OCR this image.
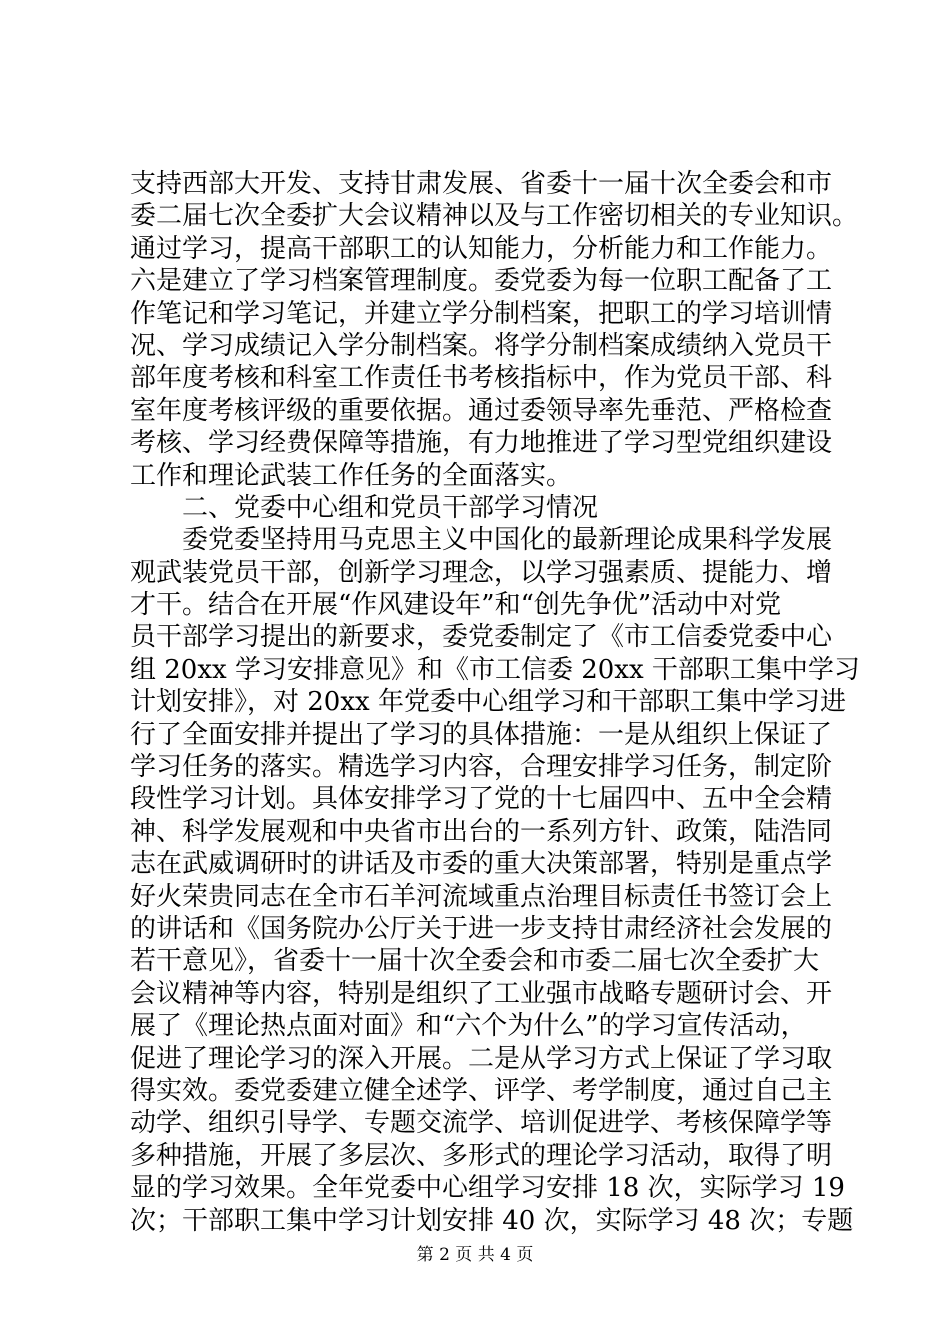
支持西部大开发、支持甘肃发展、省委十一届十次全委会和市
委二届七次全委扩大会议精神以及与工作密切相关的专业知识。
通过学习，提高干部职工的认知能力，分析能力和工作能力。
六是建立了学习档案管理制度。委党委为每一位职工配备了工
作笔记和学习笔记，并建立学分制档案，把职工的学习培训情
况、学习成绩记入学分制档案。将学分制档案成绩纳入党员干
部年度考核和科室工作责任书考核指标中，作为党员干部、科
室年度考核评级的重要依据。通过委领导率先垂范、严格检查
考核、学习经费保障等措施，有力地推进了学习型党组织建设
工作和理论武装工作任务的全面落实。
　　二、党委中心组和党员干部学习情况
　　委党委坚持用马克思主义中国化的最新理论成果科学发展
观武装党员干部，创新学习理念，以学习强素质、提能力、增
才干。结合在开展“作风建设年”和“创先争优”活动中对党
员干部学习提出的新要求，委党委制定了《市工信委党委中心
组 20xx 学习安排意见》和《市工信委 20xx 干部职工集中学习
计划安排》，对 20xx 年党委中心组学习和干部职工集中学习进
行了全面安排并提出了学习的具体措施：一是从组织上保证了
学习任务的落实。精选学习内容，合理安排学习任务，制定阶
段性学习计划。具体安排学习了党的十七届四中、五中全会精
神、科学发展观和中央省市出台的一系列方针、政策，陆浩同
志在武威调研时的讲话及市委的重大决策部署，特别是重点学
好火荣贵同志在全市石羊河流域重点治理目标责任书签订会上
的讲话和《国务院办公厅关于进一步支持甘肃经济社会发展的
若干意见》，省委十一届十次全委会和市委二届七次全委扩大
会议精神等内容，特别是组织了工业强市战略专题研讨会、开
展了《理论热点面对面》和“六个为什么”的学习宣传活动，
促进了理论学习的深入开展。二是从学习方式上保证了学习取
得实效。委党委建立健全述学、评学、考学制度，通过自己主
动学、组织引导学、专题交流学、培训促进学、考核保障学等
多种措施，开展了多层次、多形式的理论学习活动，取得了明
显的学习效果。全年党委中心组学习安排 18 次，实际学习 19
次；干部职工集中学习计划安排 40 次，实际学习 48 次；专题
第 2 页 共 4 页
